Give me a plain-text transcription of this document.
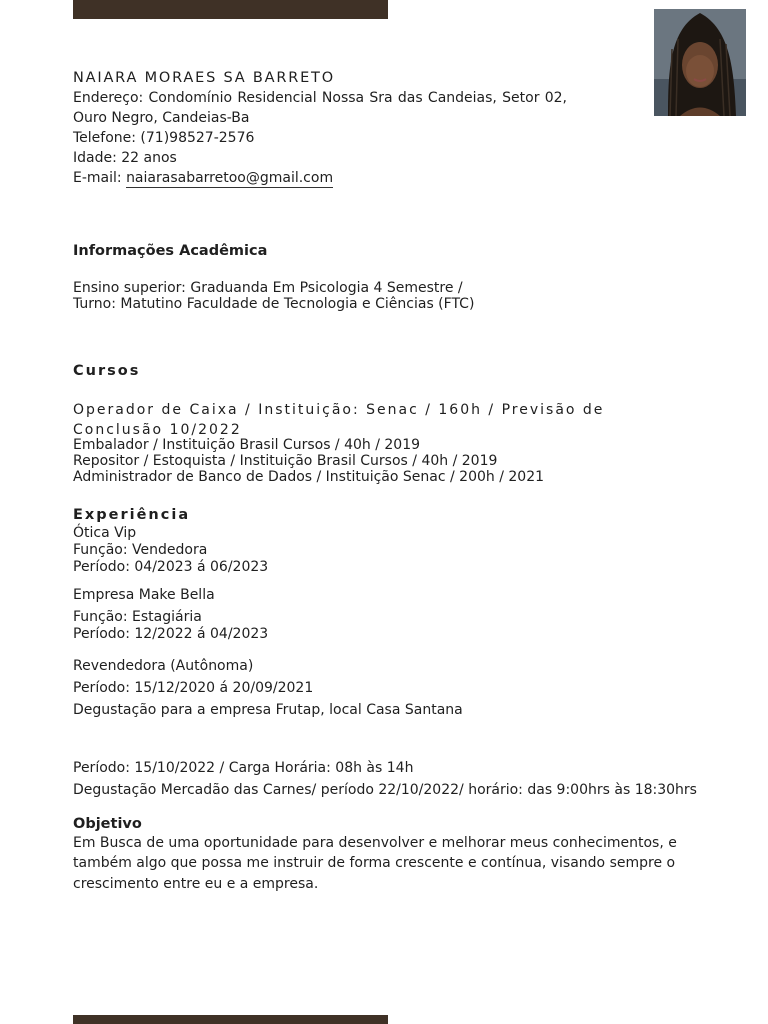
NAIARA MORAES SA BARRETO
Endereço: Condomínio Residencial Nossa Sra das Candeias, Setor 02, Ouro Negro, Candeias-Ba
Telefone: (71)98527-2576
Idade: 22 anos
E-mail: naiarasabarretoo@gmail.com
Informações Acadêmica
Ensino superior: Graduanda Em Psicologia 4 Semestre /
Turno: Matutino Faculdade de Tecnologia e Ciências (FTC)
Cursos
Operador de Caixa / Instituição: Senac / 160h / Previsão de
Conclusão 10/2022
Embalador / Instituição Brasil Cursos / 40h / 2019
Repositor / Estoquista / Instituição Brasil Cursos / 40h / 2019
Administrador de Banco de Dados / Instituição Senac / 200h / 2021
Experiência
Ótica Vip
Função: Vendedora
Período: 04/2023 á 06/2023
Empresa Make Bella
Função: Estagiária
Período: 12/2022 á 04/2023
Revendedora (Autônoma)
Período: 15/12/2020 á 20/09/2021
Degustação para a empresa Frutap, local Casa Santana
Período: 15/10/2022 / Carga Horária: 08h às 14h
Degustação Mercadão das Carnes/ período 22/10/2022/ horário: das 9:00hrs às 18:30hrs
Objetivo
Em Busca de uma oportunidade para desenvolver e melhorar meus conhecimentos, e
também algo que possa me instruir de forma crescente e contínua, visando sempre o
crescimento entre eu e a empresa.
